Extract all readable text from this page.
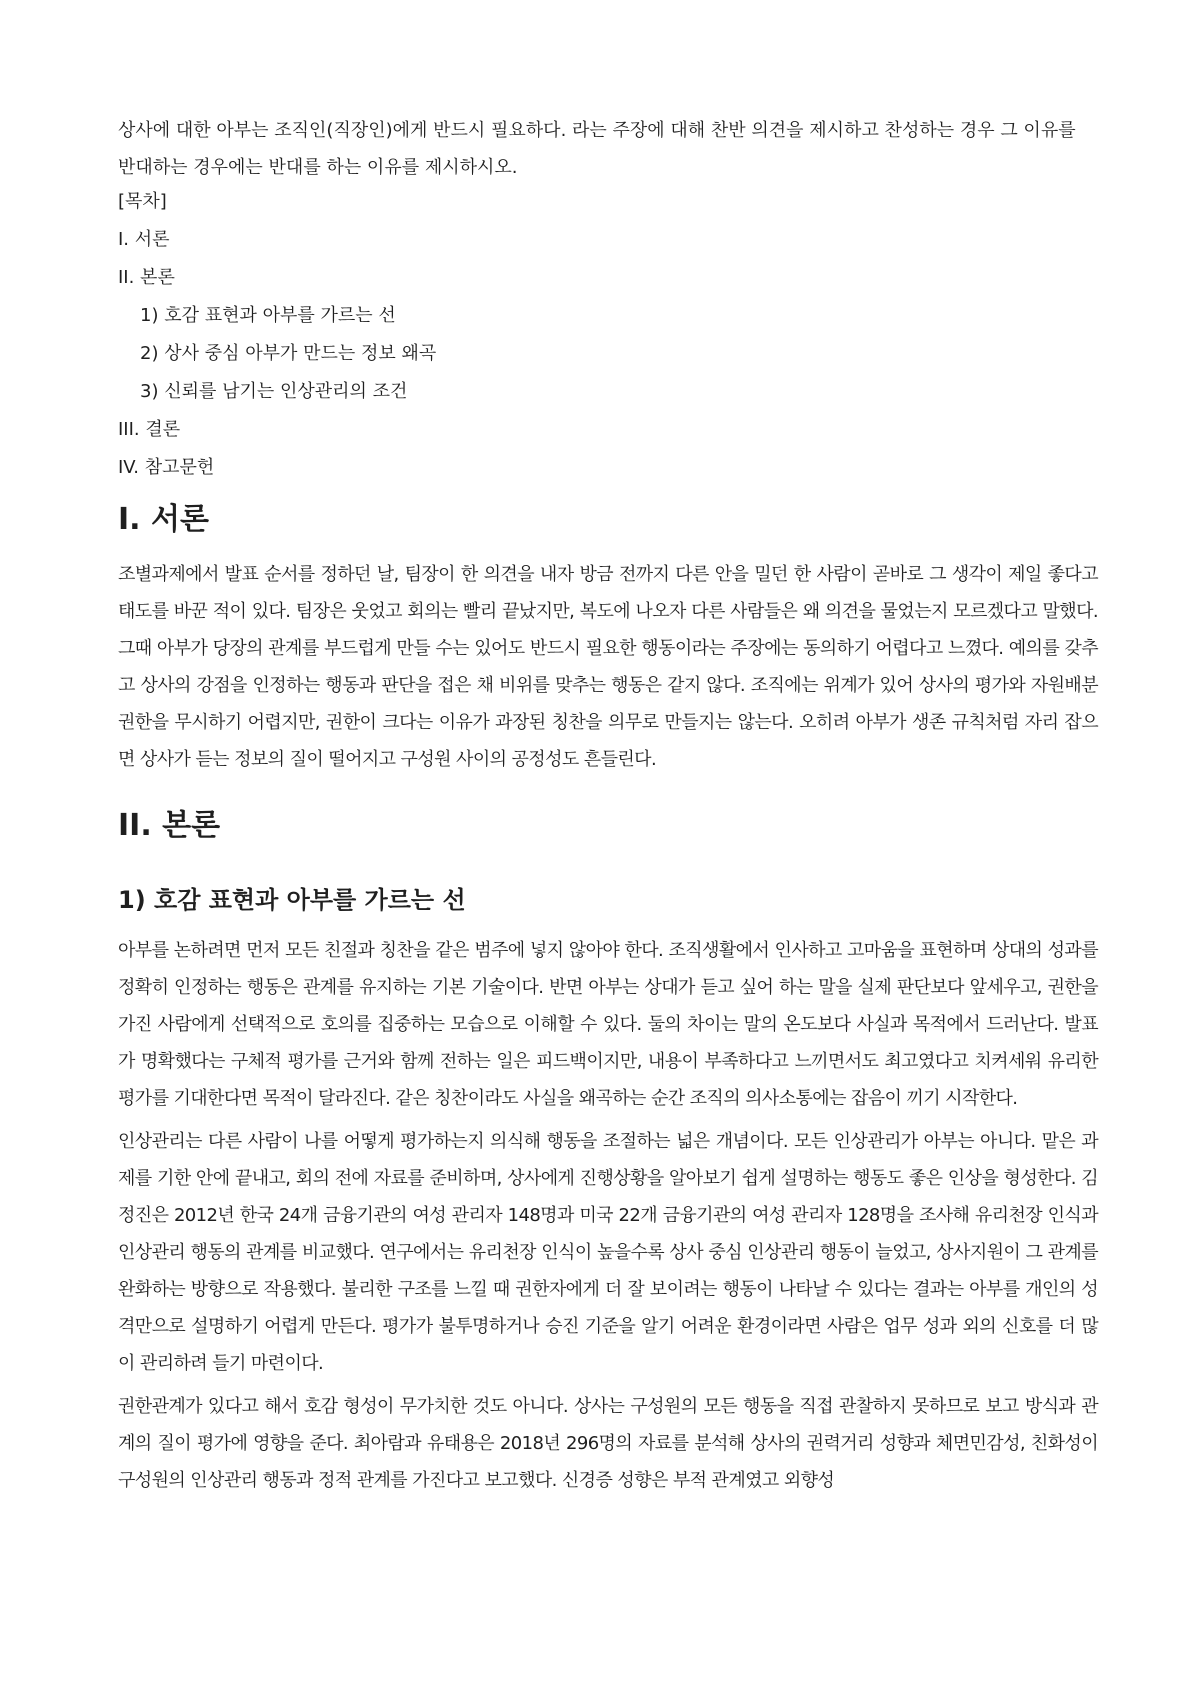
상사에 대한 아부는 조직인(직장인)에게 반드시 필요하다. 라는 주장에 대해 찬반 의견을 제시하고 찬성하는 경우 그 이유를 반대하는 경우에는 반대를 하는 이유를 제시하시오.

[목차]
I. 서론
II. 본론
1) 호감 표현과 아부를 가르는 선
2) 상사 중심 아부가 만드는 정보 왜곡
3) 신뢰를 남기는 인상관리의 조건
III. 결론
IV. 참고문헌
I. 서론

조별과제에서 발표 순서를 정하던 날, 팀장이 한 의견을 내자 방금 전까지 다른 안을 밀던 한 사람이 곧바로 그 생각이 제일 좋다고 태도를 바꾼 적이 있다. 팀장은 웃었고 회의는 빨리 끝났지만, 복도에 나오자 다른 사람들은 왜 의견을 물었는지 모르겠다고 말했다. 그때 아부가 당장의 관계를 부드럽게 만들 수는 있어도 반드시 필요한 행동이라는 주장에는 동의하기 어렵다고 느꼈다. 예의를 갖추고 상사의 강점을 인정하는 행동과 판단을 접은 채 비위를 맞추는 행동은 같지 않다. 조직에는 위계가 있어 상사의 평가와 자원배분 권한을 무시하기 어렵지만, 권한이 크다는 이유가 과장된 칭찬을 의무로 만들지는 않는다. 오히려 아부가 생존 규칙처럼 자리 잡으면 상사가 듣는 정보의 질이 떨어지고 구성원 사이의 공정성도 흔들린다.

II. 본론
1) 호감 표현과 아부를 가르는 선

아부를 논하려면 먼저 모든 친절과 칭찬을 같은 범주에 넣지 않아야 한다. 조직생활에서 인사하고 고마움을 표현하며 상대의 성과를 정확히 인정하는 행동은 관계를 유지하는 기본 기술이다. 반면 아부는 상대가 듣고 싶어 하는 말을 실제 판단보다 앞세우고, 권한을 가진 사람에게 선택적으로 호의를 집중하는 모습으로 이해할 수 있다. 둘의 차이는 말의 온도보다 사실과 목적에서 드러난다. 발표가 명확했다는 구체적 평가를 근거와 함께 전하는 일은 피드백이지만, 내용이 부족하다고 느끼면서도 최고였다고 치켜세워 유리한 평가를 기대한다면 목적이 달라진다. 같은 칭찬이라도 사실을 왜곡하는 순간 조직의 의사소통에는 잡음이 끼기 시작한다.

인상관리는 다른 사람이 나를 어떻게 평가하는지 의식해 행동을 조절하는 넓은 개념이다. 모든 인상관리가 아부는 아니다. 맡은 과제를 기한 안에 끝내고, 회의 전에 자료를 준비하며, 상사에게 진행상황을 알아보기 쉽게 설명하는 행동도 좋은 인상을 형성한다. 김정진은 2012년 한국 24개 금융기관의 여성 관리자 148명과 미국 22개 금융기관의 여성 관리자 128명을 조사해 유리천장 인식과 인상관리 행동의 관계를 비교했다. 연구에서는 유리천장 인식이 높을수록 상사 중심 인상관리 행동이 늘었고, 상사지원이 그 관계를 완화하는 방향으로 작용했다. 불리한 구조를 느낄 때 권한자에게 더 잘 보이려는 행동이 나타날 수 있다는 결과는 아부를 개인의 성격만으로 설명하기 어렵게 만든다. 평가가 불투명하거나 승진 기준을 알기 어려운 환경이라면 사람은 업무 성과 외의 신호를 더 많이 관리하려 들기 마련이다.

권한관계가 있다고 해서 호감 형성이 무가치한 것도 아니다. 상사는 구성원의 모든 행동을 직접 관찰하지 못하므로 보고 방식과 관계의 질이 평가에 영향을 준다. 최아람과 유태용은 2018년 296명의 자료를 분석해 상사의 권력거리 성향과 체면민감성, 친화성이 구성원의 인상관리 행동과 정적 관계를 가진다고 보고했다. 신경증 성향은 부적 관계였고 외향성
